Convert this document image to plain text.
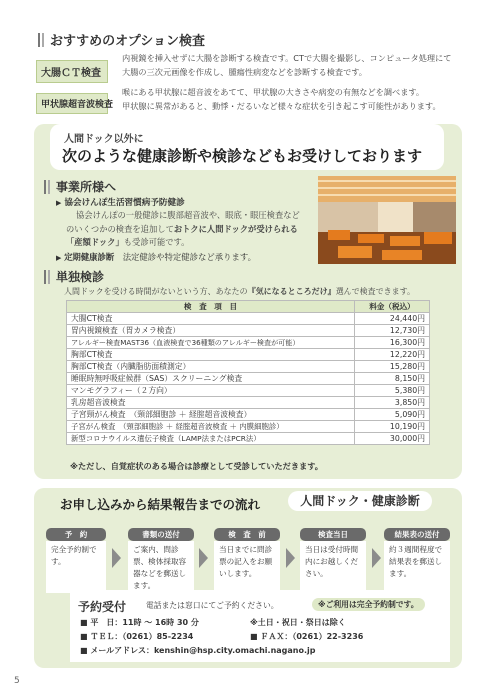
おすすめのオプション検査
大腸ＣＴ検査
内視鏡を挿入せずに大腸を診断する検査です。CTで大腸を撮影し、コンピュータ処理にて
大腸の三次元画像を作成し、腫瘍性病変などを診断する検査です。
甲状腺超音波検査
喉にある甲状腺に超音波をあてて、甲状腺の大きさや病変の有無などを調べます。
甲状腺に異常があると、動悸・だるいなど様々な症状を引き起こす可能性があります。
人間ドック以外に
次のような健康診断や検診などもお受けしております
事業所様へ
▶ 協会けんぽ生活習慣病予防健診
協会けんぽの一般健診に腹部超音波や、眼底・眼圧検査など
のいくつかの検査を追加しておトクに人間ドックが受けられる
「産額ドック」も受診可能です。
▶ 定期健康診断　 法定健診や特定健診など承ります。
単独検診
人間ドックを受ける時間がないという方、あなたの『気になるところだけ』選んで検査できます。
検　査　項　目	料金（税込）
大腸CT検査	24,440円
胃内視鏡検査（胃カメラ検査）	12,730円
アレルギー検査MAST36（血液検査で36種類のアレルギー検査が可能）	16,300円
胸部CT検査	12,220円
胸部CT検査（内臓脂肪面積測定）	15,280円
睡眠時無呼吸症候群（SAS）スクリーニング検査	8,150円
マンモグラフィー（２方向）	5,380円
乳房超音波検査	3,850円
子宮頸がん検査　（頸部細胞診 ＋ 経腟超音波検査）	5,090円
子宮がん検査　（頸部細胞診 ＋ 経腟超音波検査 ＋ 内膜細胞診）	10,190円
新型コロナウイルス遺伝子検査（LAMP法またはPCR法）	30,000円
※ただし、自覚症状のある場合は診療として受診していただきます。
お申し込みから結果報告までの流れ	人間ドック・健康診断
予　約
完全予約制です。
書類の送付
ご案内、問診票、検体採取容器などを郵送します。
検　査　前
当日までに問診票の記入をお願いします。
検査当日
当日は受付時間内にお越しください。
結果表の送付
約３週間程度で結果表を郵送します。
予約受付	電話または窓口にてご予約ください。	※ご利用は完全予約制です。
■ 平　日：11時 ～ 16時 30 分	※土日・祝日・祭日は除く
■ ＴＥＬ：（0261）85-2234	■ ＦＡＸ：（0261）22-3236
■ メールアドレス：kenshin@hsp.city.omachi.nagano.jp
5
